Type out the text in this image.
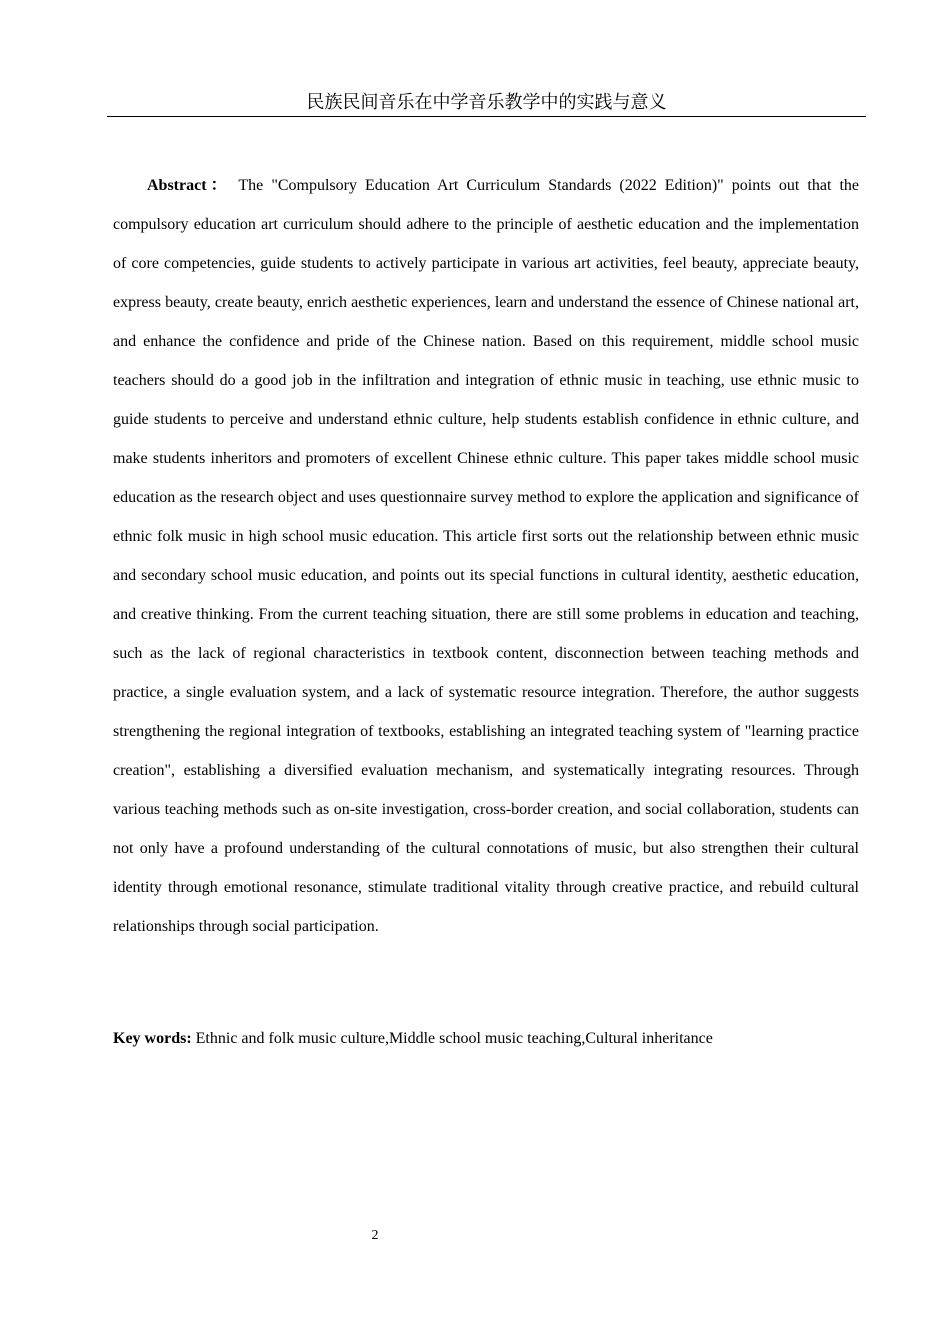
民族民间音乐在中学音乐教学中的实践与意义

Abstract： The "Compulsory Education Art Curriculum Standards (2022 Edition)" points out that the compulsory education art curriculum should adhere to the principle of aesthetic education and the implementation of core competencies, guide students to actively participate in various art activities, feel beauty, appreciate beauty, express beauty, create beauty, enrich aesthetic experiences, learn and understand the essence of Chinese national art, and enhance the confidence and pride of the Chinese nation. Based on this requirement, middle school music teachers should do a good job in the infiltration and integration of ethnic music in teaching, use ethnic music to guide students to perceive and understand ethnic culture, help students establish confidence in ethnic culture, and make students inheritors and promoters of excellent Chinese ethnic culture. This paper takes middle school music education as the research object and uses questionnaire survey method to explore the application and significance of ethnic folk music in high school music education. This article first sorts out the relationship between ethnic music and secondary school music education, and points out its special functions in cultural identity, aesthetic education, and creative thinking. From the current teaching situation, there are still some problems in education and teaching, such as the lack of regional characteristics in textbook content, disconnection between teaching methods and practice, a single evaluation system, and a lack of systematic resource integration. Therefore, the author suggests strengthening the regional integration of textbooks, establishing an integrated teaching system of "learning practice creation", establishing a diversified evaluation mechanism, and systematically integrating resources. Through various teaching methods such as on-site investigation, cross-border creation, and social collaboration, students can not only have a profound understanding of the cultural connotations of music, but also strengthen their cultural identity through emotional resonance, stimulate traditional vitality through creative practice, and rebuild cultural relationships through social participation.

Key words: Ethnic and folk music culture,Middle school music teaching,Cultural inheritance

2
